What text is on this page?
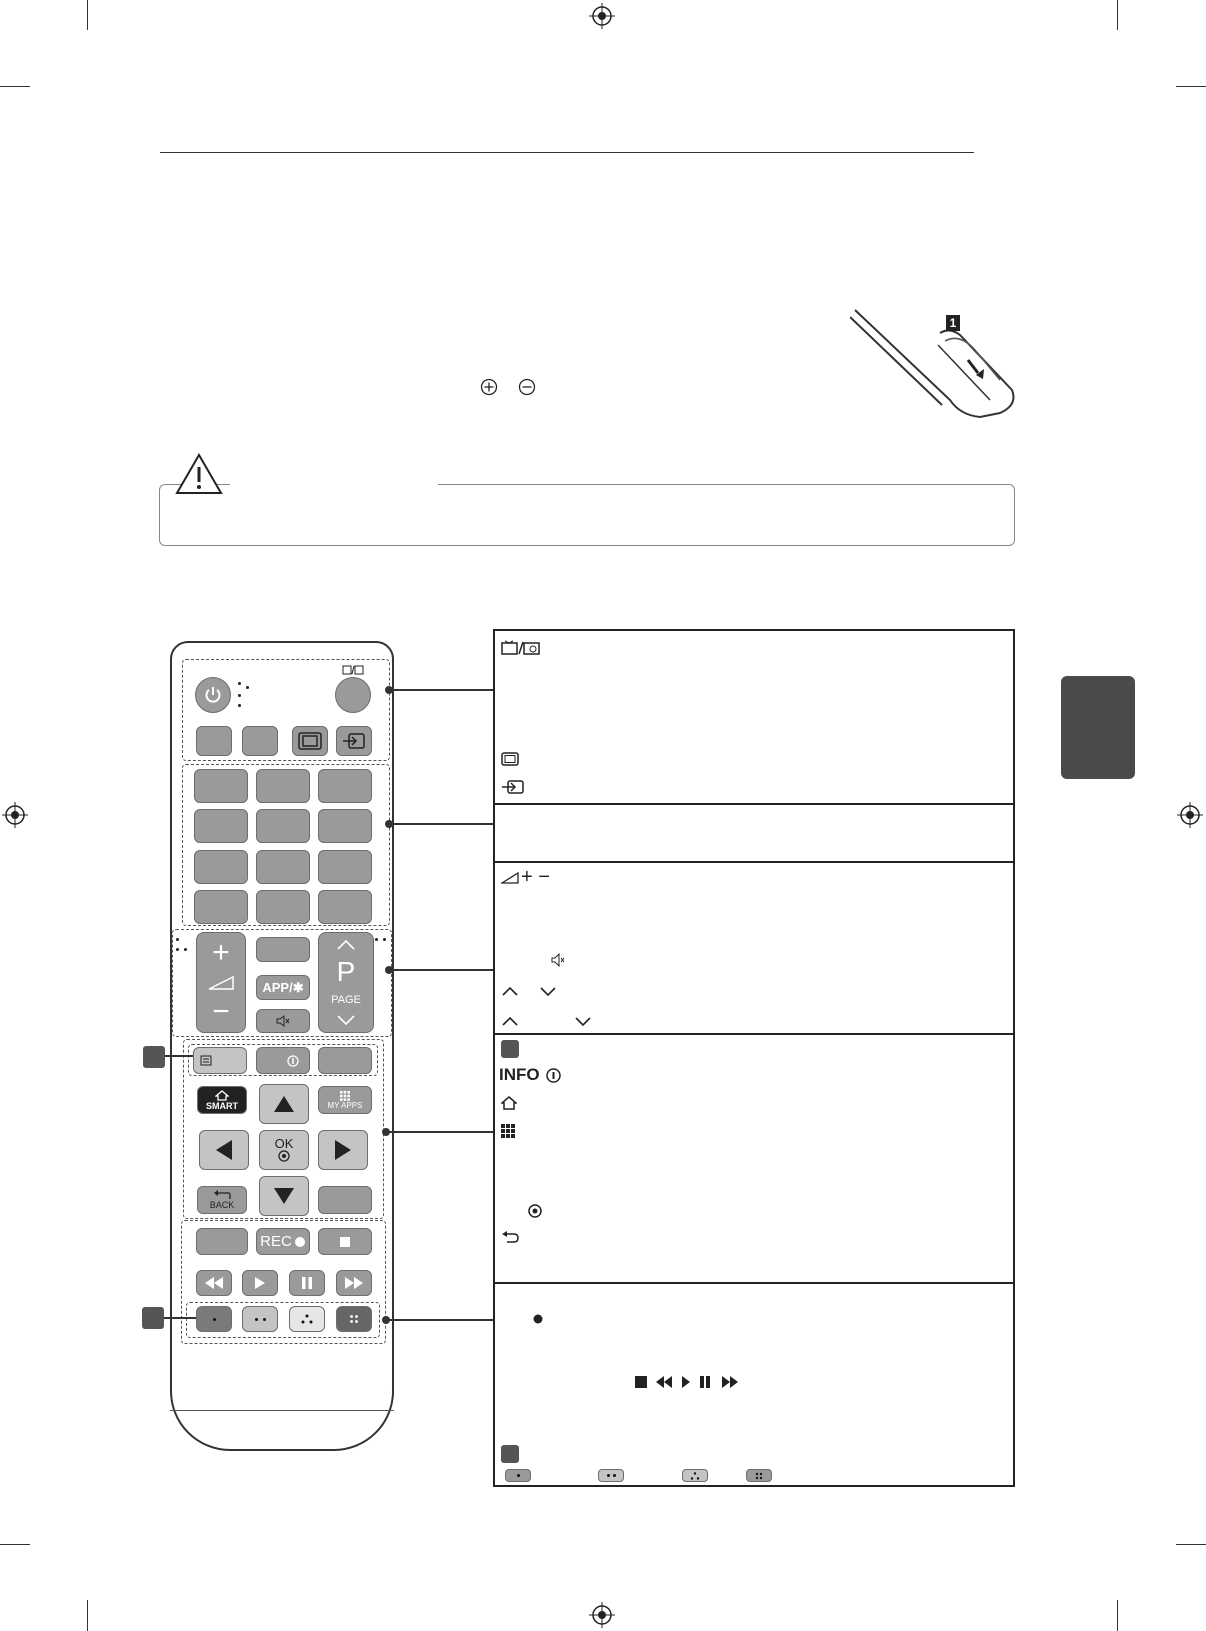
1
+
−
APP/✱ P
PAGE
SMART	MY APPS
OK
BACK
REC
+ −
INFO
